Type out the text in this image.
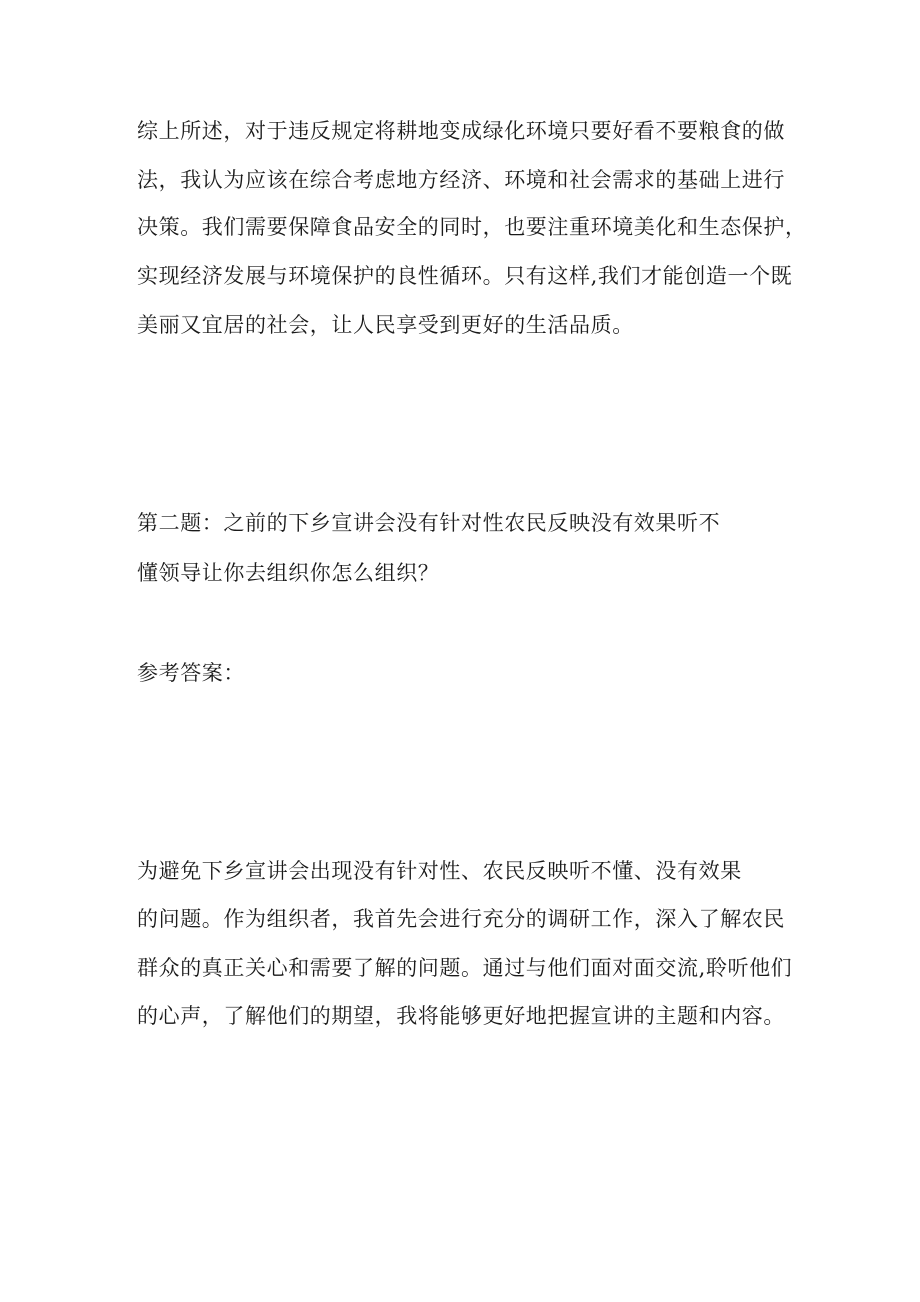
综上所述，对于违反规定将耕地变成绿化环境只要好看不要粮食的做
法，我认为应该在综合考虑地方经济、环境和社会需求的基础上进行
决策。我们需要保障食品安全的同时，也要注重环境美化和生态保护，
实现经济发展与环境保护的良性循环。只有这样,我们才能创造一个既
美丽又宜居的社会，让人民享受到更好的生活品质。
第二题：之前的下乡宣讲会没有针对性农民反映没有效果听不
懂领导让你去组织你怎么组织？
参考答案：
为避免下乡宣讲会出现没有针对性、农民反映听不懂、没有效果
的问题。作为组织者，我首先会进行充分的调研工作，深入了解农民
群众的真正关心和需要了解的问题。通过与他们面对面交流,聆听他们
的心声，了解他们的期望，我将能够更好地把握宣讲的主题和内容。
